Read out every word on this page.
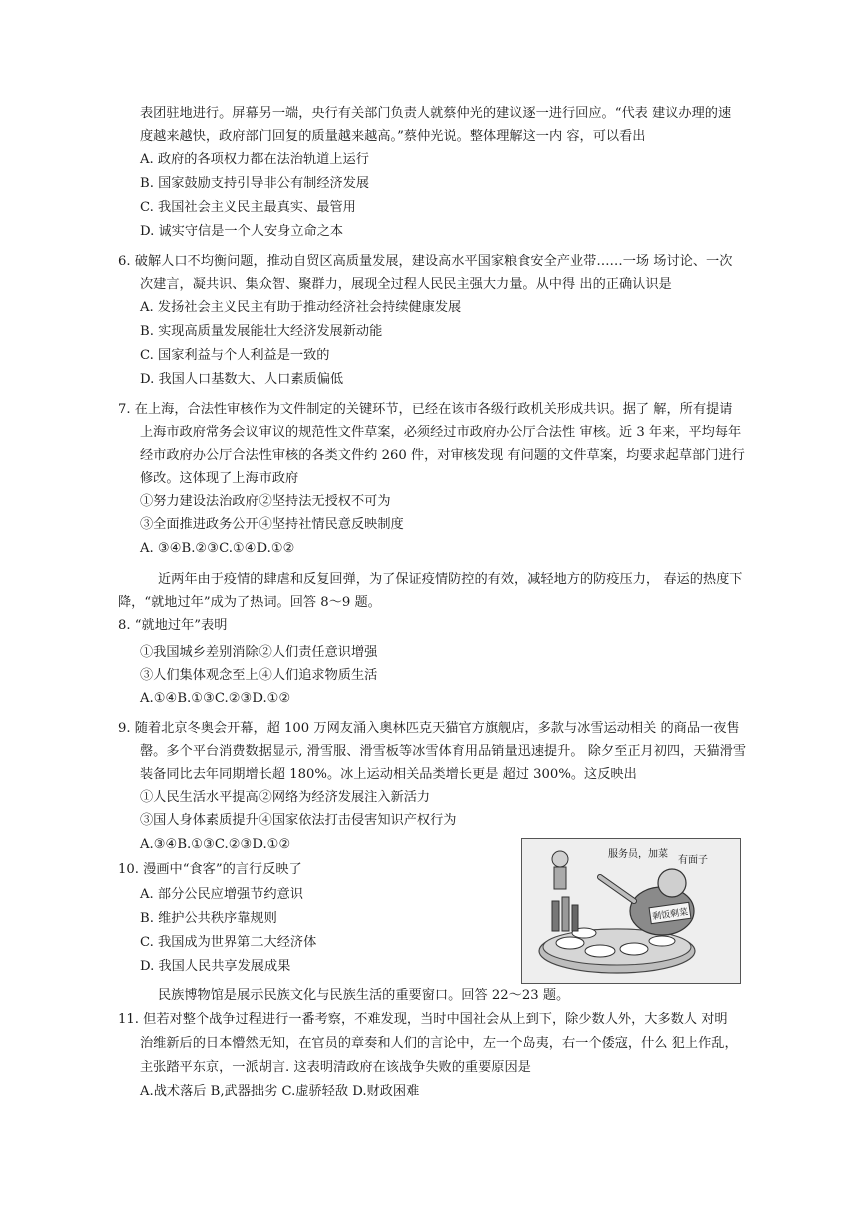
表团驻地进行。屏幕另一端，央行有关部门负责人就蔡仲光的建议逐一进行回应。“代表 建议办理的速
度越来越快，政府部门回复的质量越来越高。”蔡仲光说。整体理解这一内 容，可以看出
A. 政府的各项权力都在法治轨道上运行
B. 国家鼓励支持引导非公有制经济发展
C. 我国社会主义民主最真实、最管用
D. 诚实守信是一个人安身立命之本
6. 破解人口不均衡问题，推动自贸区高质量发展，建设高水平国家粮食安全产业带……一场 场讨论、一次
次建言，凝共识、集众智、聚群力，展现全过程人民民主强大力量。从中得 出的正确认识是
A. 发扬社会主义民主有助于推动经济社会持续健康发展
B. 实现高质量发展能壮大经济发展新动能
C. 国家利益与个人利益是一致的
D. 我国人口基数大、人口素质偏低
7. 在上海，合法性审核作为文件制定的关键环节，已经在该市各级行政机关形成共识。据了 解，所有提请
上海市政府常务会议审议的规范性文件草案，必须经过市政府办公厅合法性 审核。近 3 年来，平均每年
经市政府办公厅合法性审核的各类文件约 260 件，对审核发现 有问题的文件草案，均要求起草部门进行
修改。这体现了上海市政府
①努力建设法治政府②坚持法无授权不可为
③全面推进政务公开④坚持社情民意反映制度
A. ③④B.②③C.①④D.①②
近两年由于疫情的肆虐和反复回弹，为了保证疫情防控的有效，减轻地方的防疫压力， 春运的热度下
降，“就地过年”成为了热词。回答 8～9 题。
8. “就地过年”表明
①我国城乡差别消除②人们责任意识增强
③人们集体观念至上④人们追求物质生活
A.①④B.①③C.②③D.①②
9. 随着北京冬奥会开幕，超 100 万网友涌入奥林匹克天猫官方旗舰店，多款与冰雪运动相关 的商品一夜售
罄。多个平台消费数据显示, 滑雪服、滑雪板等冰雪体育用品销量迅速提升。 除夕至正月初四，天猫滑雪
装备同比去年同期增长超 180%。冰上运动相关品类增长更是 超过 300%。这反映出
①人民生活水平提高②网络为经济发展注入新活力
③国人身体素质提升④国家依法打击侵害知识产权行为
A.③④B.①③C.②③D.①②
10. 漫画中“食客”的言行反映了
A. 部分公民应增强节约意识
B. 维护公共秩序靠规则
C. 我国成为世界第二大经济体
D. 我国人民共享发展成果
剩饭剩菜
服务员，加菜
有面子
民族博物馆是展示民族文化与民族生活的重要窗口。回答 22～23 题。
11. 但若对整个战争过程进行一番考察，不难发现，当时中国社会从上到下，除少数人外，大多数人 对明
治维新后的日本懵然无知，在官员的章奏和人们的言论中，左一个岛夷，右一个倭寇，什么 犯上作乱，
主张踏平东京，一派胡言. 这表明清政府在该战争失败的重要原因是
A.战术落后 B,武器拙劣 C.虚骄轻敌 D.财政困难
